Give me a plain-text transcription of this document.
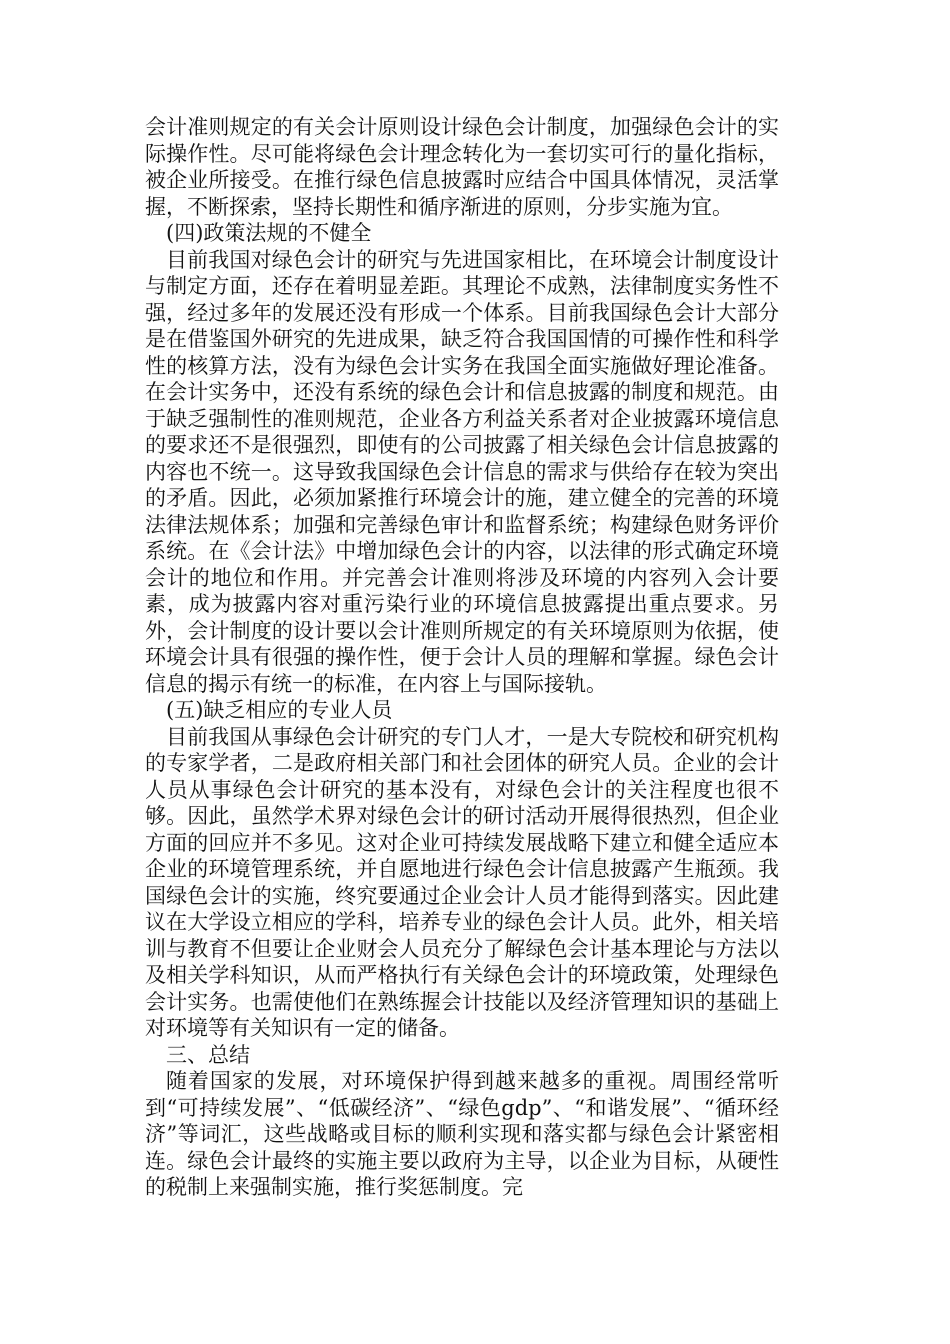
会计准则规定的有关会计原则设计绿色会计制度，加强绿色会计的实际操作性。尽可能将绿色会计理念转化为一套切实可行的量化指标，被企业所接受。在推行绿色信息披露时应结合中国具体情况，灵活掌握，不断探索，坚持长期性和循序渐进的原则，分步实施为宜。

(四)政策法规的不健全

目前我国对绿色会计的研究与先进国家相比，在环境会计制度设计与制定方面，还存在着明显差距。其理论不成熟，法律制度实务性不强，经过多年的发展还没有形成一个体系。目前我国绿色会计大部分是在借鉴国外研究的先进成果，缺乏符合我国国情的可操作性和科学性的核算方法，没有为绿色会计实务在我国全面实施做好理论准备。在会计实务中，还没有系统的绿色会计和信息披露的制度和规范。由于缺乏强制性的准则规范，企业各方利益关系者对企业披露环境信息的要求还不是很强烈，即使有的公司披露了相关绿色会计信息披露的内容也不统一。这导致我国绿色会计信息的需求与供给存在较为突出的矛盾。因此，必须加紧推行环境会计的施，建立健全的完善的环境法律法规体系；加强和完善绿色审计和监督系统；构建绿色财务评价系统。在《会计法》中增加绿色会计的内容，以法律的形式确定环境会计的地位和作用。并完善会计准则将涉及环境的内容列入会计要素，成为披露内容对重污染行业的环境信息披露提出重点要求。另外，会计制度的设计要以会计准则所规定的有关环境原则为依据，使环境会计具有很强的操作性，便于会计人员的理解和掌握。绿色会计信息的揭示有统一的标准，在内容上与国际接轨。

(五)缺乏相应的专业人员

目前我国从事绿色会计研究的专门人才，一是大专院校和研究机构的专家学者，二是政府相关部门和社会团体的研究人员。企业的会计人员从事绿色会计研究的基本没有，对绿色会计的关注程度也很不够。因此，虽然学术界对绿色会计的研讨活动开展得很热烈，但企业方面的回应并不多见。这对企业可持续发展战略下建立和健全适应本企业的环境管理系统，并自愿地进行绿色会计信息披露产生瓶颈。我国绿色会计的实施，终究要通过企业会计人员才能得到落实。因此建议在大学设立相应的学科，培养专业的绿色会计人员。此外，相关培训与教育不但要让企业财会人员充分了解绿色会计基本理论与方法以及相关学科知识，从而严格执行有关绿色会计的环境政策，处理绿色会计实务。也需使他们在熟练握会计技能以及经济管理知识的基础上对环境等有关知识有一定的储备。

三、总结

随着国家的发展，对环境保护得到越来越多的重视。周围经常听到“可持续发展”、“低碳经济”、“绿色gdp”、“和谐发展”、“循环经济”等词汇，这些战略或目标的顺利实现和落实都与绿色会计紧密相连。绿色会计最终的实施主要以政府为主导，以企业为目标，从硬性的税制上来强制实施，推行奖惩制度。完
